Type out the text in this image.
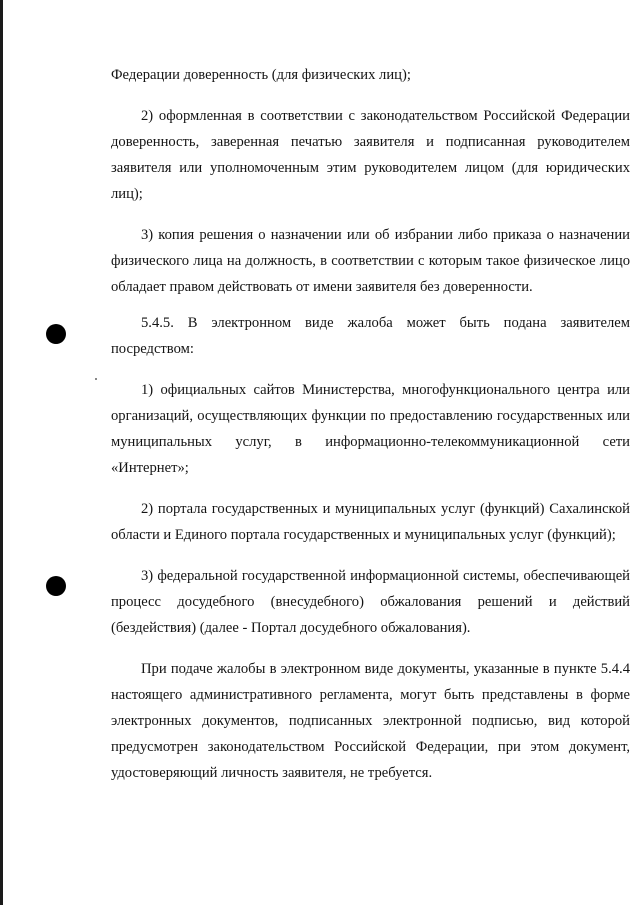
Федерации доверенность (для физических лиц);

2) оформленная в соответствии с законодательством Российской Федерации доверенность, заверенная печатью заявителя и подписанная руководителем заявителя или уполномоченным этим руководителем лицом (для юридических лиц);

3) копия решения о назначении или об избрании либо приказа о назначении физического лица на должность, в соответствии с которым такое физическое лицо обладает правом действовать от имени заявителя без доверенности.

5.4.5. В электронном виде жалоба может быть подана заявителем посредством:

1) официальных сайтов Министерства, многофункционального центра или организаций, осуществляющих функции по предоставлению государственных или муниципальных услуг, в информационно-телекоммуникационной сети «Интернет»;

2) портала государственных и муниципальных услуг (функций) Сахалинской области и Единого портала государственных и муниципальных услуг (функций);

3) федеральной государственной информационной системы, обеспечивающей процесс досудебного (внесудебного) обжалования решений и действий (бездействия) (далее - Портал досудебного обжалования).

При подаче жалобы в электронном виде документы, указанные в пункте 5.4.4 настоящего административного регламента, могут быть представлены в форме электронных документов, подписанных электронной подписью, вид которой предусмотрен законодательством Российской Федерации, при этом документ, удостоверяющий личность заявителя, не требуется.
